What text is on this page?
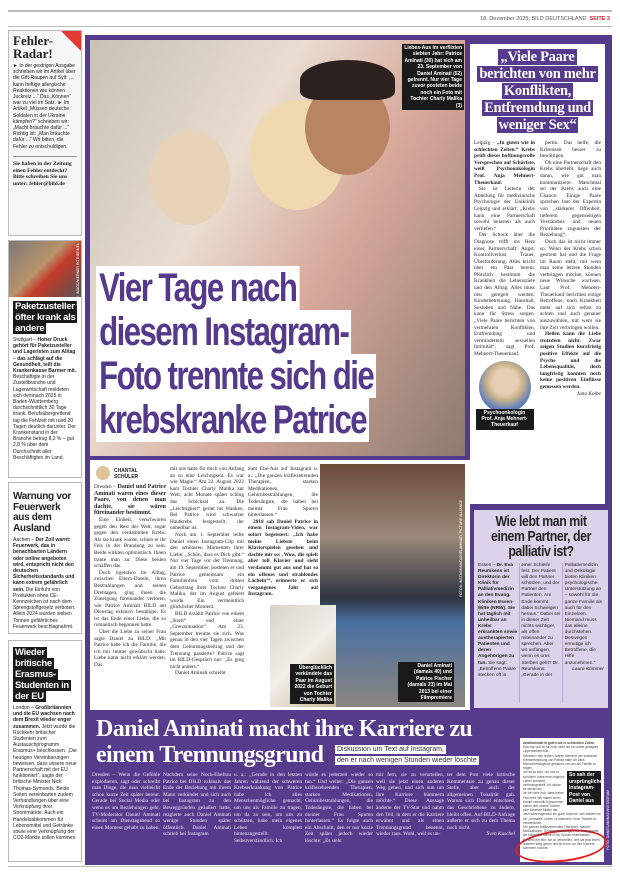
18. Dezember 2025, BILD DEUTSCHLAND SEITE 3
Fehler-Radar!
► In der gestrigen Ausgabe schrieben wir im Artikel über die Gift-Raupen auf Sylt: „... kann heftige allergische Reaktionen wie können Juckreiz ...“ Das „Können“ war zu viel im Satz. ► Im Artikel „Müssen deutsche Soldaten in der Ukraine kämpfen?“ schrieben wir: „Macht bräuchte dafür ...“ Richtig ist: „Man bräuchte dafür ...“ Wir bitten, die Fehler zu entschuldigen.
Sie haben in der Zeitung einen Fehler entdeckt? Bitte schreiben Sie uns unter: fehler@bild.de
FOTO: IMAGO/WERNER ROTHERMEL
Paketzusteller öfter krank als andere
Stuttgart – Hoher Druck gehört für Paketzusteller und Lageristen zum Alltag – das schlägt auf die Gesundheit, teilt die Krankenkasse Barmer mit. Beschäftigte in der Zustellbranche und Lagerwirtschaft meldeten sich demnach 2025 in Baden-Württemberg durchschnittlich 30 Tage krank. Berufsübergreifend lag die Fehlzeit mit rund 20 Tagen deutlich darunter. Der Krankenstand in der Branche betrug 8,2 % – gut 2,8 % über dem Durchschnitt aller Beschäftigten im Land.
Warnung vor Feuerwerk aus dem Ausland
Aachen – Der Zoll warnt: Feuerwerk, das in benachbarten Ländern oder online angeboten wird, entspricht nicht den deutschen Sicherheitsstandards und kann extrem gefährlich sein. Die Einfuhr von Produkten ohne CE-Kennzeichen ist nach dem Sprengstoffgesetz verboten. Allein 2024 wurden sieben Tonnen gefährliches Feuerwerk beschlagnahmt.
Wieder britische Erasmus-Studenten in der EU
London – Großbritannien und die EU wachsen nach dem Brexit wieder enger zusammen. Jetzt wurde die Rückkehr britischer Studenten zum Austauschprogramm Erasmus+ beschlossen. „Die heutigen Vereinbarungen beweisen, dass unsere neue Partnerschaft mit der EU funktioniert“, sagte der britische Minister Nick Thomas-Symonds. Beide Seiten vereinbarten zudem Verhandlungen über eine Verknüpfung ihrer Strommärkte. Auch ein Handelsabkommen für Lebensmittel und Getränke sowie eine Verknüpfung der CO2-Märkte sollen kommen.
Liebes-Aus im verflixten siebten Jahr: Patrice Aminati (30) hat sich am 23. September von Daniel Aminati (52) getrennt. Nur vier Tage zuvor posteten beide noch ein Foto mit Tochter Charly Malika (3)
Vier Tage nach
diesem Instagram-
Foto trennte sich die
krebskranke Patrice
„Viele Paare berichten von mehr Konflikten, Entfremdung und weniger Sex“

Leipzig – „In guten wie in schlechten Zeiten.“ Krebs prüft dieses hoffnungsvolle Versprechen auf Schärfste, weiß Psychoonkologin Prof. Anja Mehnert-Theuerkauf.

Sie ist Leiterin der Abteilung für medizinische Psychologie der Uniklinik Leipzig und erklärt: „Krebs kann eine Partnerschaft sowohl belasten als auch vertiefen.“

Der Schock über die Diagnose trifft ins Herz einer Partnerschaft: Angst, Kontrollverlust, Trauer, Überforderung. Alles bricht über ein Paar herein. Plötzlich bestimmt die Krankheit die Lebensziele und den Alltag. Alles muss neu geregelt werden: Kinderbetreuung, Haushalt, Sexleben und Nähe. Das kann für Stress sorgen. „Viele Paare berichten von vermehrten Konflikten, Entfremdung und vermindertem sexuellen Intimität“, sagt Prof. Mehnert-Theuerkauf.

Psychoonkologin Prof. Anja Mehnert-Theuerkauf

pertin. Das helfe, die Krisenzeit besser zu bewältigen.

Ob eine Partnerschaft den Krebs überlebt, liege auch daran, wie gut man kommuniziere. Manchmal sei der Krebs auch eine Chance: Einige Paare sprechen laut der Expertin von „stärkerer Offenheit, tieferem gegenseitigen Verständnis und neuen Prioritäten zugunsten der Beziehung“.

Doch das ist nicht immer so. Wenn der Krebs schon gestreut hat und die Frage im Raum steht, mit wem man seine letzten Stunden verbringen möchte, können neue Wünsche wachsen. Laut Prof. Mehnert-Theuerkauf berichten einige Betroffene, nach Krankheit mehr auf sich selbst zu achten und auch genauer auszuwählen, mit wem sie ihre Zeit verbringen wollen.

Heilen kann die Liebe trotzdem nicht. Zwar zeigen Studien kurzfristig positive Effekte auf die Psyche und die Lebensqualität, doch langfristig konnten noch keine positiven Einflüsse gemessen werden.

Jana Kolbe

CHANTAL SCHÜLER

Dresden – Daniel und Patrice Aminati waren eines dieser Paare, von denen man dachte, sie wären füreinander bestimmt.

Eine Einheit, verschworen gegen den Rest der Welt, sogar gegen den verdammten Krebs. Als sie krank wurde, schien er ihr Fels in der Brandung zu sein. Beide wirkten optimistisch. Ihnen traute man zu: Diese beiden schaffen das.

Doch irgendwo im Alltag, zwischen Eltern-Dasein, ihren Bestrahlungen und seinen Drehtagen, ging ihnen die Zuneigung füreinander verloren, wie Patrice Aminati BILD am Dienstag exklusiv bestätigte. Es ist das Ende einer Liebe, die so romantisch begonnen hatte.

Über die Liebe zu seiner Frau sagte Daniel zu BILD: „Mit Patrice habe ich die Familie, die ich mir immer gewünscht habe. Liebe kann nicht erklärt werden. Das

mit uns hatte für mich von Anfang an so eine Leichtigkeit. Es war wie Magie.“ Am 22. August 2022 kam Tochter Charly Malika zur Welt, acht Monate später schlug das Schicksal zu. Die „Leichtigkeit“ geriet ins Wanken. Bei Patrice wird schwarzer Hautkrebs festgestellt, der unheilbar ist.

Noch am 1. September teilte Daniel einen Instagram-Clip mit den schönsten Momenten ihrer Liebe: „Schön, dass es Dich gibt.“ Nur vier Tage vor der Trennung, am 19. September, posteten er und Patrice gemeinsam ein Familienfoto vom dritten Geburtstag ihrer Tochter Charly Malika, der im August gefeiert wurde. Ein vermeintlich glücklicher Moment.

BILD erzählt Patrice von einem „Streit“ und einer „Grenzsituation“. Am 23. September trennte sie sich. Was genau in den vier Tagen zwischen dem Geburtstagsbeitrag und der Trennung passierte? Patrice sagt im BILD-Gespräch nur: „Es ging nicht anders.“

Daniel Aminati schreibt

zum Ehe-Aus auf Instagram u. a.: „Die ganzen kräftezehrenden Therapien, starken Medikationen, Gehirnbestrahlungen, die Todesängste, die haben bei meiner Frau Spuren hinterlassen.“

2018 sah Daniel Patrice in einem Instagram-Video, war sofort begeistert: „Ich habe meine Liebste beim Klavierspielen gesehen und dachte mir so: ‚Wow, die spielt aber toll Klavier und sieht verdammt gut aus und hat so ein offenes und strahlendes Lächeln‘“, erinnerte er sich vergangenes Jahr auf Instagram.	FOTOS: INSTAGRAM/DANIELAMINATI, PICTURE ALLIANCE
Daniel Aminati (damals 40) und Patrice Fischer (damals 23) im Mai 2013 bei einer Filmpremiere
Überglücklich verkündete das Paar im August 2022 die Geburt von Tochter Charly Malika
Wie lebt man mit einem Partner, der palliativ ist?
Essen – Dr. Eva Reumkens ist Direktorin der Klinik für Palliativmedizin an den Evang. Kliniken Essen-Mitte (NRW). Sie hat täglich mit unheilbar an Krebs erkrankten sowie austherapierten Patienten und deren Angehörigen zu tun. Sie sagt: „Betroffene Paare stecken oft in einer Schleife fest. Der Patient will den Partner schützen, und der Partner den Patienten. Am Ende kommt dabei Schweigen heraus.“ Dabei sei in dieser Zeit nichts wichtiger, als offen miteinander zu sprechen. Aber wo anfangen, wenn es ums Sterben geht? Dr. Reumkens: „Gerade in der Palliativmedizin und Onkologie bieten Kliniken psychologische Unterstützung an – sowohl für die ganze Familie als auch für den Einzelnen. Niemand muss das alleine durchstehen. Deswegen ermutige ich Betroffene, die Hilfe anzunehmen.“
Laura Krimmer
Daniel Aminati macht ihre Karriere zu
einem Trennungsgrund	Diskussion um Text auf Instagram,
den er nach wenigen Stunden wieder löschte
Dresden – Wenn die Gefühle explodieren, sagt oder schreibt man Dinge, die man vielleicht schon kurze Zeit später bereut. Gerade bei Social Media oder wenn es um Beziehungen geht. TV-Moderator Daniel Aminati scheint am Dienstagabend so einen Moment gehabt zu haben.
Nachdem seine Noch-Ehefrau Patrice bei BILD exklusiv das Ende der Beziehung mit ihrem Mann verkündet und sich auch bei Instagram zu den Beweggründen geäußert hatte, reagierte auch Daniel Aminati wenige Stunden später öffentlich. Daniel Aminati schrieb bei Instagram
u. a.: „Gerade in den letzten Jahren während der schweren Krebserkrankung von Patrice habe ich alles Menschenmögliche gemacht, um uns als Familie zu tragen, um da zu sein, um uns zu schützen, habe mein eigenes Leben komplett hintenangestellt. Selbstverständlich. Ich
würde es jederzeit wieder so tun.“ Und weiter: „Die ganzen kräftezehrenden Therapien, starken Medikationen, Gehirnbestrahlungen, die Todesängste, die haben bei meiner Frau Spuren hinterlassen.“ Es folgte auch ein Abschnitt, den er nur kurze Zeit später jedoch wieder löschte: „Es steht
mir fern, sie zu verurteilen, weil sie jetzt einen anderen Weg gehen, und sich nun um ihre Karriere kümmern möchte.“ Diese Aussage änderte der TV-Star und nahm den Teil, in dem er die Karriere erwähnt und als einen Trennungsgrund benennt, wieder raus. Wohl, weil es un-
ter dem Post viele kritische Kommentare zu genau dieser Stelle, aber auch der allgemeinen Tonalität gab. Warum sich Daniel entschied, das Geschriebene zu ändern, bleibt offen. Auf BILD-Anfrage äußerte er sich zu dem Thema noch nicht.
Sven Kuschel
danielaminati In guten wie in schlechten Zeiten.
Das war und ist für mich nicht nur ein daher gesagtes Lippenbekenntnis.
Gerade in den letzten Jahren während der schweren Krebserkrankung von Patrice habe ich alles Menschenmögliche gemacht, um uns als Familie zu tragen,
So sah der ursprüngliche Instagram-Post von Daniel aus
um da zu sein, um uns zu schützen, habe mein eigenes Leben komplett hintenangestellt. Ich würde es wieder tun.
Ich bin sehr froh, dass meine Frau lebt. Wir haben einen Kampf vermutlich gewonnen haben und unsere Tochter eine liebende Mutter hat.
Jetzt wäre eigentlich ein guter Moment, sich wieder um ein „normales“ Leben zu kümmern, neue Träume zu verwirklichen.
Die ganzen kräftezehrenden Therapien, starken Medikationen, Gehirnbestrahlungen, die Todesängste, die haben bei meiner Frau Spuren hinterlassen.
Es steht mir fern, sie zu verurteilen, weil sie jetzt einen anderen Weg gehen und sich nun um ihre Karriere kümmern möchte.	FOTO: DANIELAMINATI/INSTAGRAM
